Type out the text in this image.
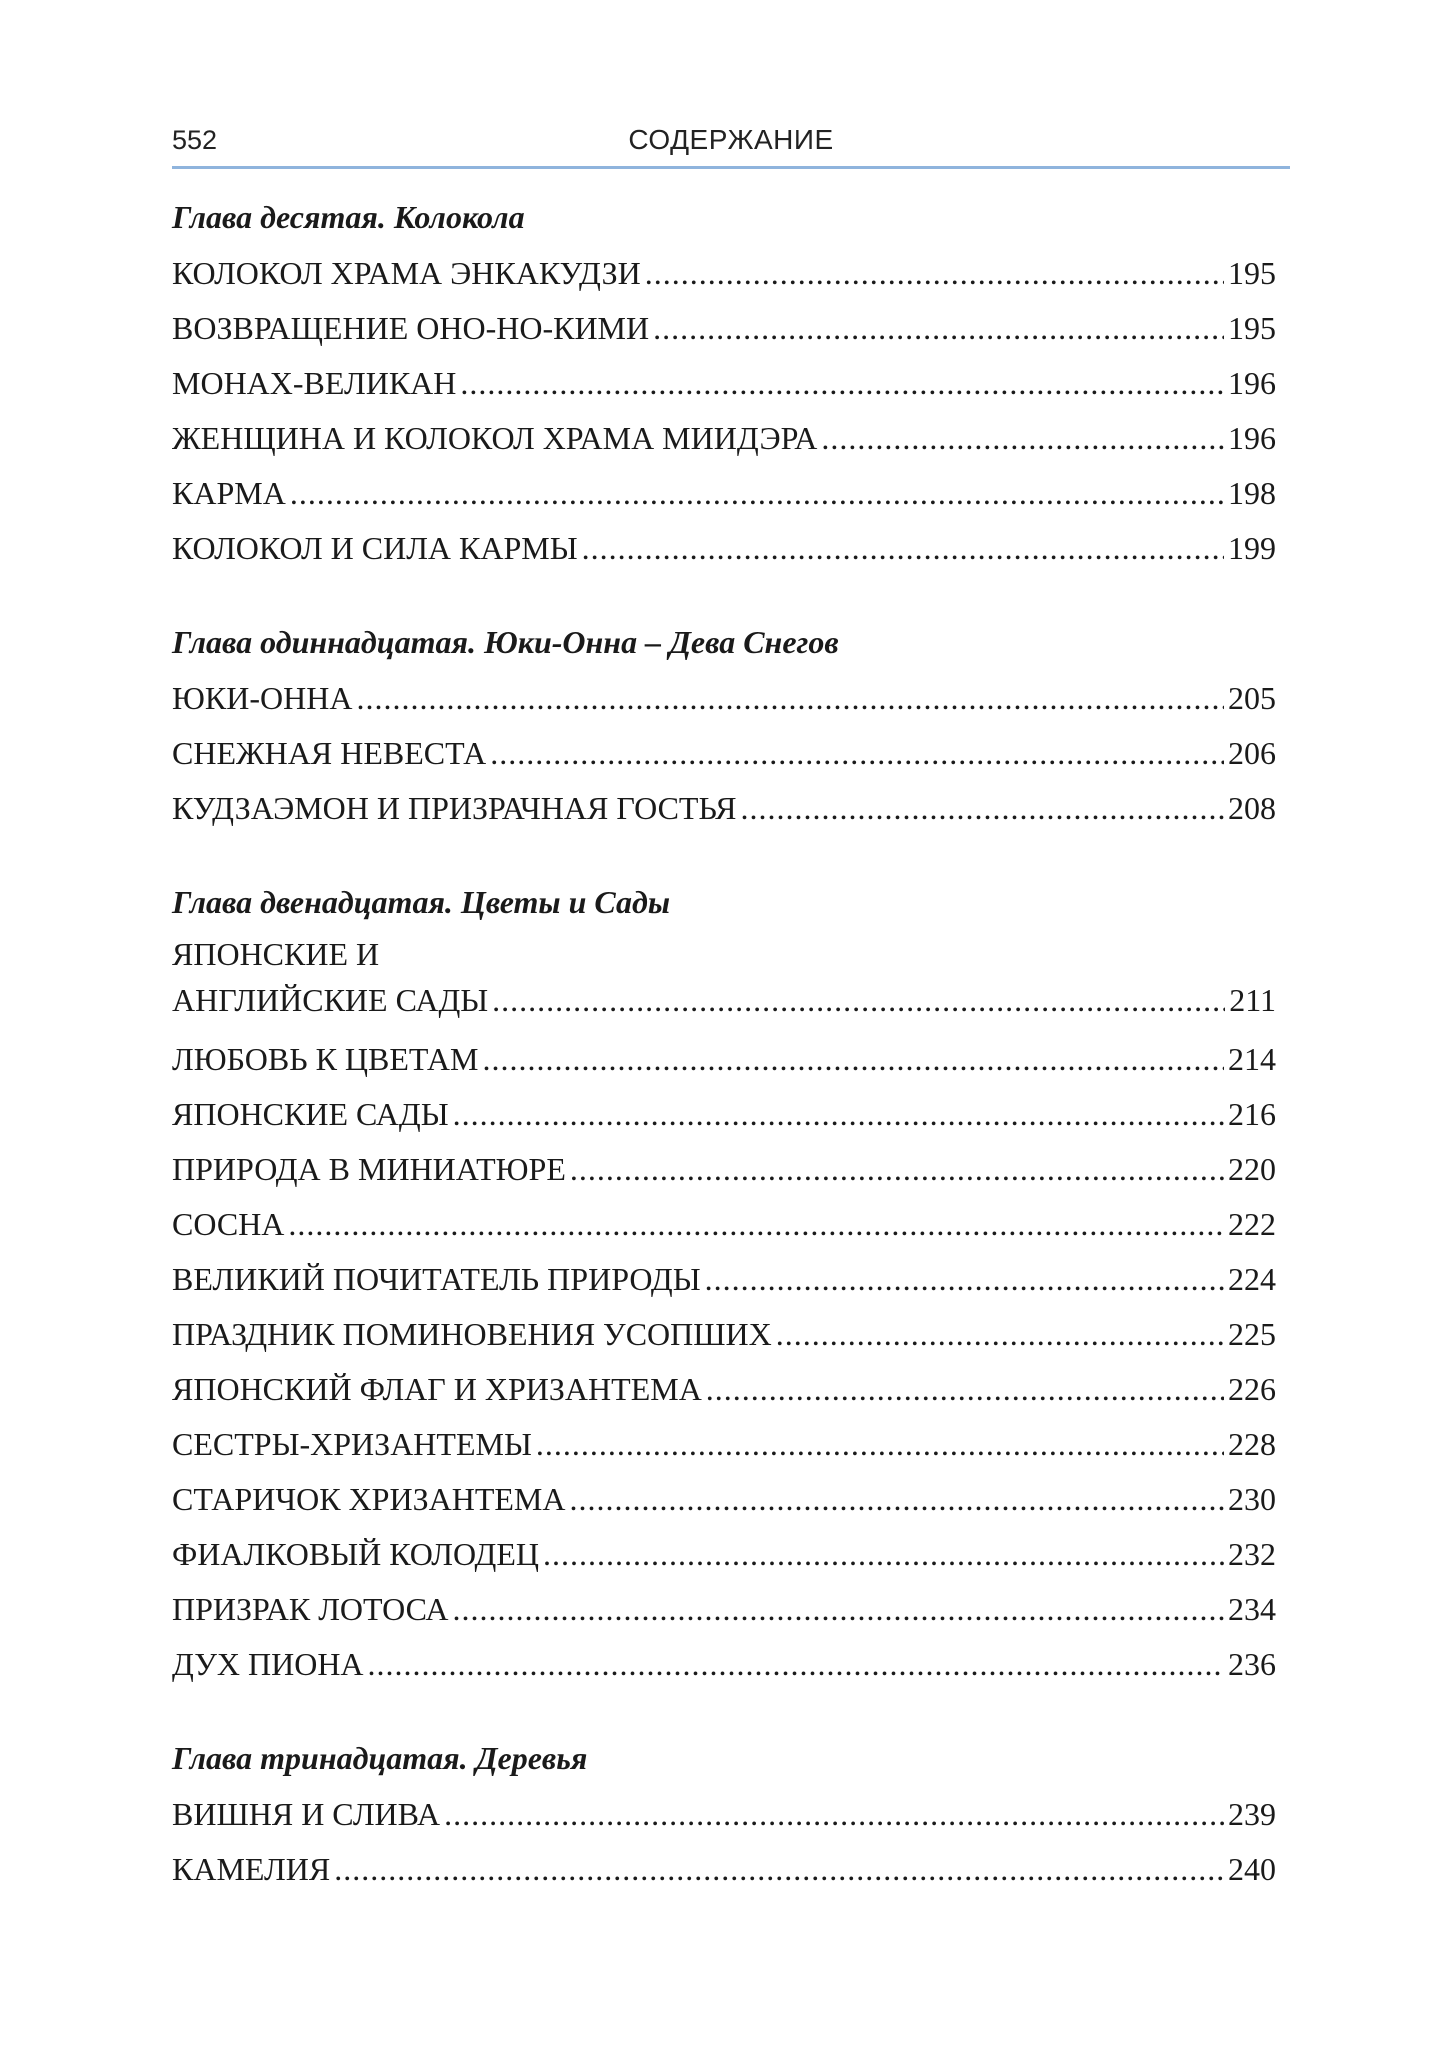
552	СОДЕРЖАНИЕ
Глава десятая. Колокола
КОЛОКОЛ ХРАМА ЭНКАКУДЗИ .....	195
ВОЗВРАЩЕНИЕ ОНО-НО-КИМИ .....	195
МОНАХ-ВЕЛИКАН .....	196
ЖЕНЩИНА И КОЛОКОЛ ХРАМА МИИДЭРА .....	196
КАРМА .....	198
КОЛОКОЛ И СИЛА КАРМЫ .....	199
Глава одиннадцатая. Юки-Онна – Дева Снегов
ЮКИ-ОННА .....	205
СНЕЖНАЯ НЕВЕСТА .....	206
КУДЗАЭМОН И ПРИЗРАЧНАЯ ГОСТЬЯ .....	208
Глава двенадцатая. Цветы и Сады
ЯПОНСКИЕ И
АНГЛИЙСКИЕ САДЫ .....	211
ЛЮБОВЬ К ЦВЕТАМ .....	214
ЯПОНСКИЕ САДЫ .....	216
ПРИРОДА В МИНИАТЮРЕ .....	220
СОСНА .....	222
ВЕЛИКИЙ ПОЧИТАТЕЛЬ ПРИРОДЫ .....	224
ПРАЗДНИК ПОМИНОВЕНИЯ УСОПШИХ .....	225
ЯПОНСКИЙ ФЛАГ И ХРИЗАНТЕМА .....	226
СЕСТРЫ-ХРИЗАНТЕМЫ .....	228
СТАРИЧОК ХРИЗАНТЕМА .....	230
ФИАЛКОВЫЙ КОЛОДЕЦ .....	232
ПРИЗРАК ЛОТОСА .....	234
ДУХ ПИОНА .....	236
Глава тринадцатая. Деревья
ВИШНЯ И СЛИВА .....	239
КАМЕЛИЯ .....	240
